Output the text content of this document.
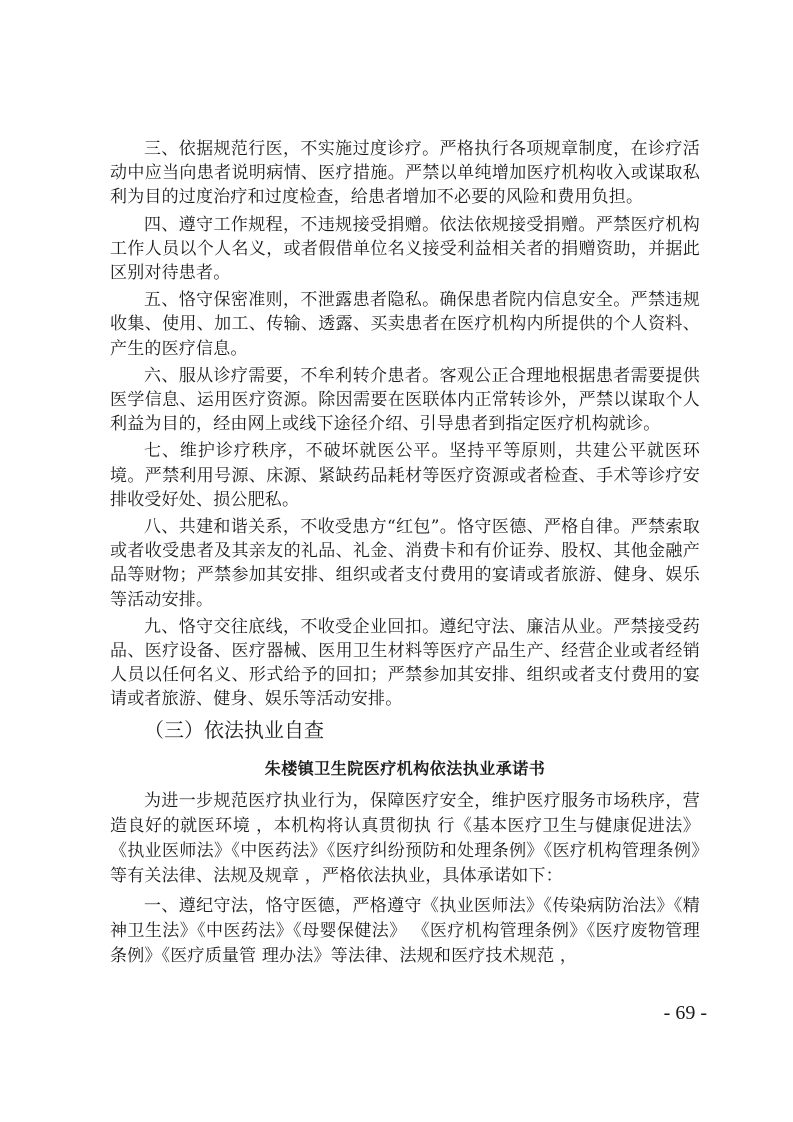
三、依据规范行医，不实施过度诊疗。严格执行各项规章制度，在诊疗活动中应当向患者说明病情、医疗措施。严禁以单纯增加医疗机构收入或谋取私利为目的过度治疗和过度检查，给患者增加不必要的风险和费用负担。

四、遵守工作规程，不违规接受捐赠。依法依规接受捐赠。严禁医疗机构工作人员以个人名义，或者假借单位名义接受利益相关者的捐赠资助，并据此区别对待患者。

五、恪守保密准则，不泄露患者隐私。确保患者院内信息安全。严禁违规收集、使用、加工、传输、透露、买卖患者在医疗机构内所提供的个人资料、产生的医疗信息。

六、服从诊疗需要，不牟利转介患者。客观公正合理地根据患者需要提供医学信息、运用医疗资源。除因需要在医联体内正常转诊外，严禁以谋取个人利益为目的，经由网上或线下途径介绍、引导患者到指定医疗机构就诊。

七、维护诊疗秩序，不破坏就医公平。坚持平等原则，共建公平就医环境。严禁利用号源、床源、紧缺药品耗材等医疗资源或者检查、手术等诊疗安排收受好处、损公肥私。

八、共建和谐关系，不收受患方“红包”。恪守医德、严格自律。严禁索取或者收受患者及其亲友的礼品、礼金、消费卡和有价证券、股权、其他金融产品等财物；严禁参加其安排、组织或者支付费用的宴请或者旅游、健身、娱乐等活动安排。

九、恪守交往底线，不收受企业回扣。遵纪守法、廉洁从业。严禁接受药品、医疗设备、医疗器械、医用卫生材料等医疗产品生产、经营企业或者经销人员以任何名义、形式给予的回扣；严禁参加其安排、组织或者支付费用的宴请或者旅游、健身、娱乐等活动安排。

（三）依法执业自查
朱楼镇卫生院医疗机构依法执业承诺书

为进一步规范医疗执业行为，保障医疗安全，维护医疗服务市场秩序，营造良好的就医环境 ，本机构将认真贯彻执 行《基本医疗卫生与健康促进法》《执业医师法》《中医药法》《医疗纠纷预防和处理条例》《医疗机构管理条例》等有关法律、法规及规章 ，严格依法执业，具体承诺如下：

一、遵纪守法，恪守医德，严格遵守《执业医师法》《传染病防治法》《精神卫生法》《中医药法》《母婴保健法》 《医疗机构管理条例》《医疗废物管理条例》《医疗质量管 理办法》等法律、法规和医疗技术规范 ，

- 69 -
